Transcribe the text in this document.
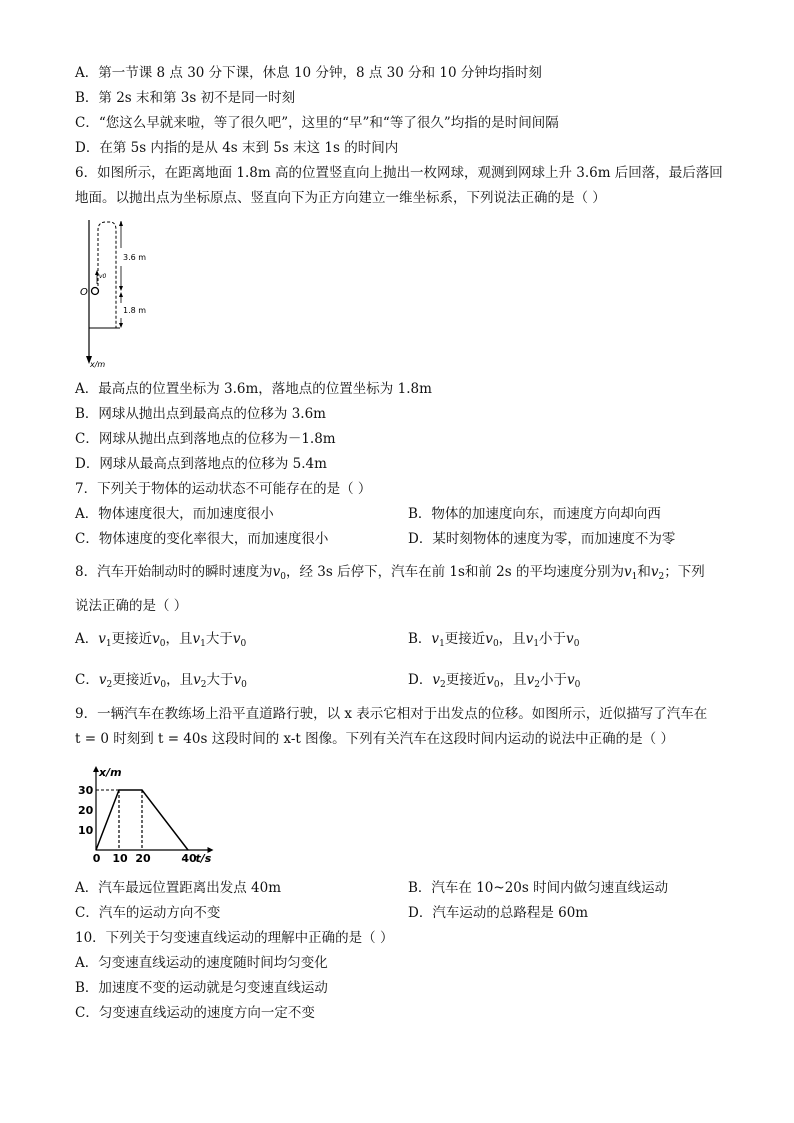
A．第一节课 8 点 30 分下课，休息 10 分钟，8 点 30 分和 10 分钟均指时刻
B．第 2s 末和第 3s 初不是同一时刻
C．“您这么早就来啦，等了很久吧”，这里的“早”和“等了很久”均指的是时间间隔
D．在第 5s 内指的是从 4s 末到 5s 末这 1s 的时间内
6．如图所示，在距离地面 1.8m 高的位置竖直向上抛出一枚网球，观测到网球上升 3.6m 后回落，最后落回
地面。以抛出点为坐标原点、竖直向下为正方向建立一维坐标系，下列说法正确的是（ ）
v0
O
3.6 m
1.8 m
x/m
A．最高点的位置坐标为 3.6m，落地点的位置坐标为 1.8m
B．网球从抛出点到最高点的位移为 3.6m
C．网球从抛出点到落地点的位移为－1.8m
D．网球从最高点到落地点的位移为 5.4m
7．下列关于物体的运动状态不可能存在的是（ ）
A．物体速度很大，而加速度很小	B．物体的加速度向东，而速度方向却向西
C．物体速度的变化率很大，而加速度很小	D．某时刻物体的速度为零，而加速度不为零
8．汽车开始制动时的瞬时速度为$v_0$，经 3s 后停下，汽车在前 1s和前 2s 的平均速度分别为$v_1$和$v_2$；下列
说法正确的是（ ）
A．$v_1$更接近$v_0$，且$v_1$大于$v_0$	B．$v_1$更接近$v_0$，且$v_1$小于$v_0$
C．$v_2$更接近$v_0$，且$v_2$大于$v_0$	D．$v_2$更接近$v_0$，且$v_2$小于$v_0$
9．一辆汽车在教练场上沿平直道路行驶，以 x 表示它相对于出发点的位移。如图所示，近似描写了汽车在
t = 0 时刻到 t = 40s 这段时间的 x-t 图像。下列有关汽车在这段时间内运动的说法中正确的是（ ）
0 10 20	40
10
20
30
t/s
x/m
A．汽车最远位置距离出发点 40m	B．汽车在 10~20s 时间内做匀速直线运动
C．汽车的运动方向不变	D．汽车运动的总路程是 60m
10．下列关于匀变速直线运动的理解中正确的是（ ）
A．匀变速直线运动的速度随时间均匀变化
B．加速度不变的运动就是匀变速直线运动
C．匀变速直线运动的速度方向一定不变
